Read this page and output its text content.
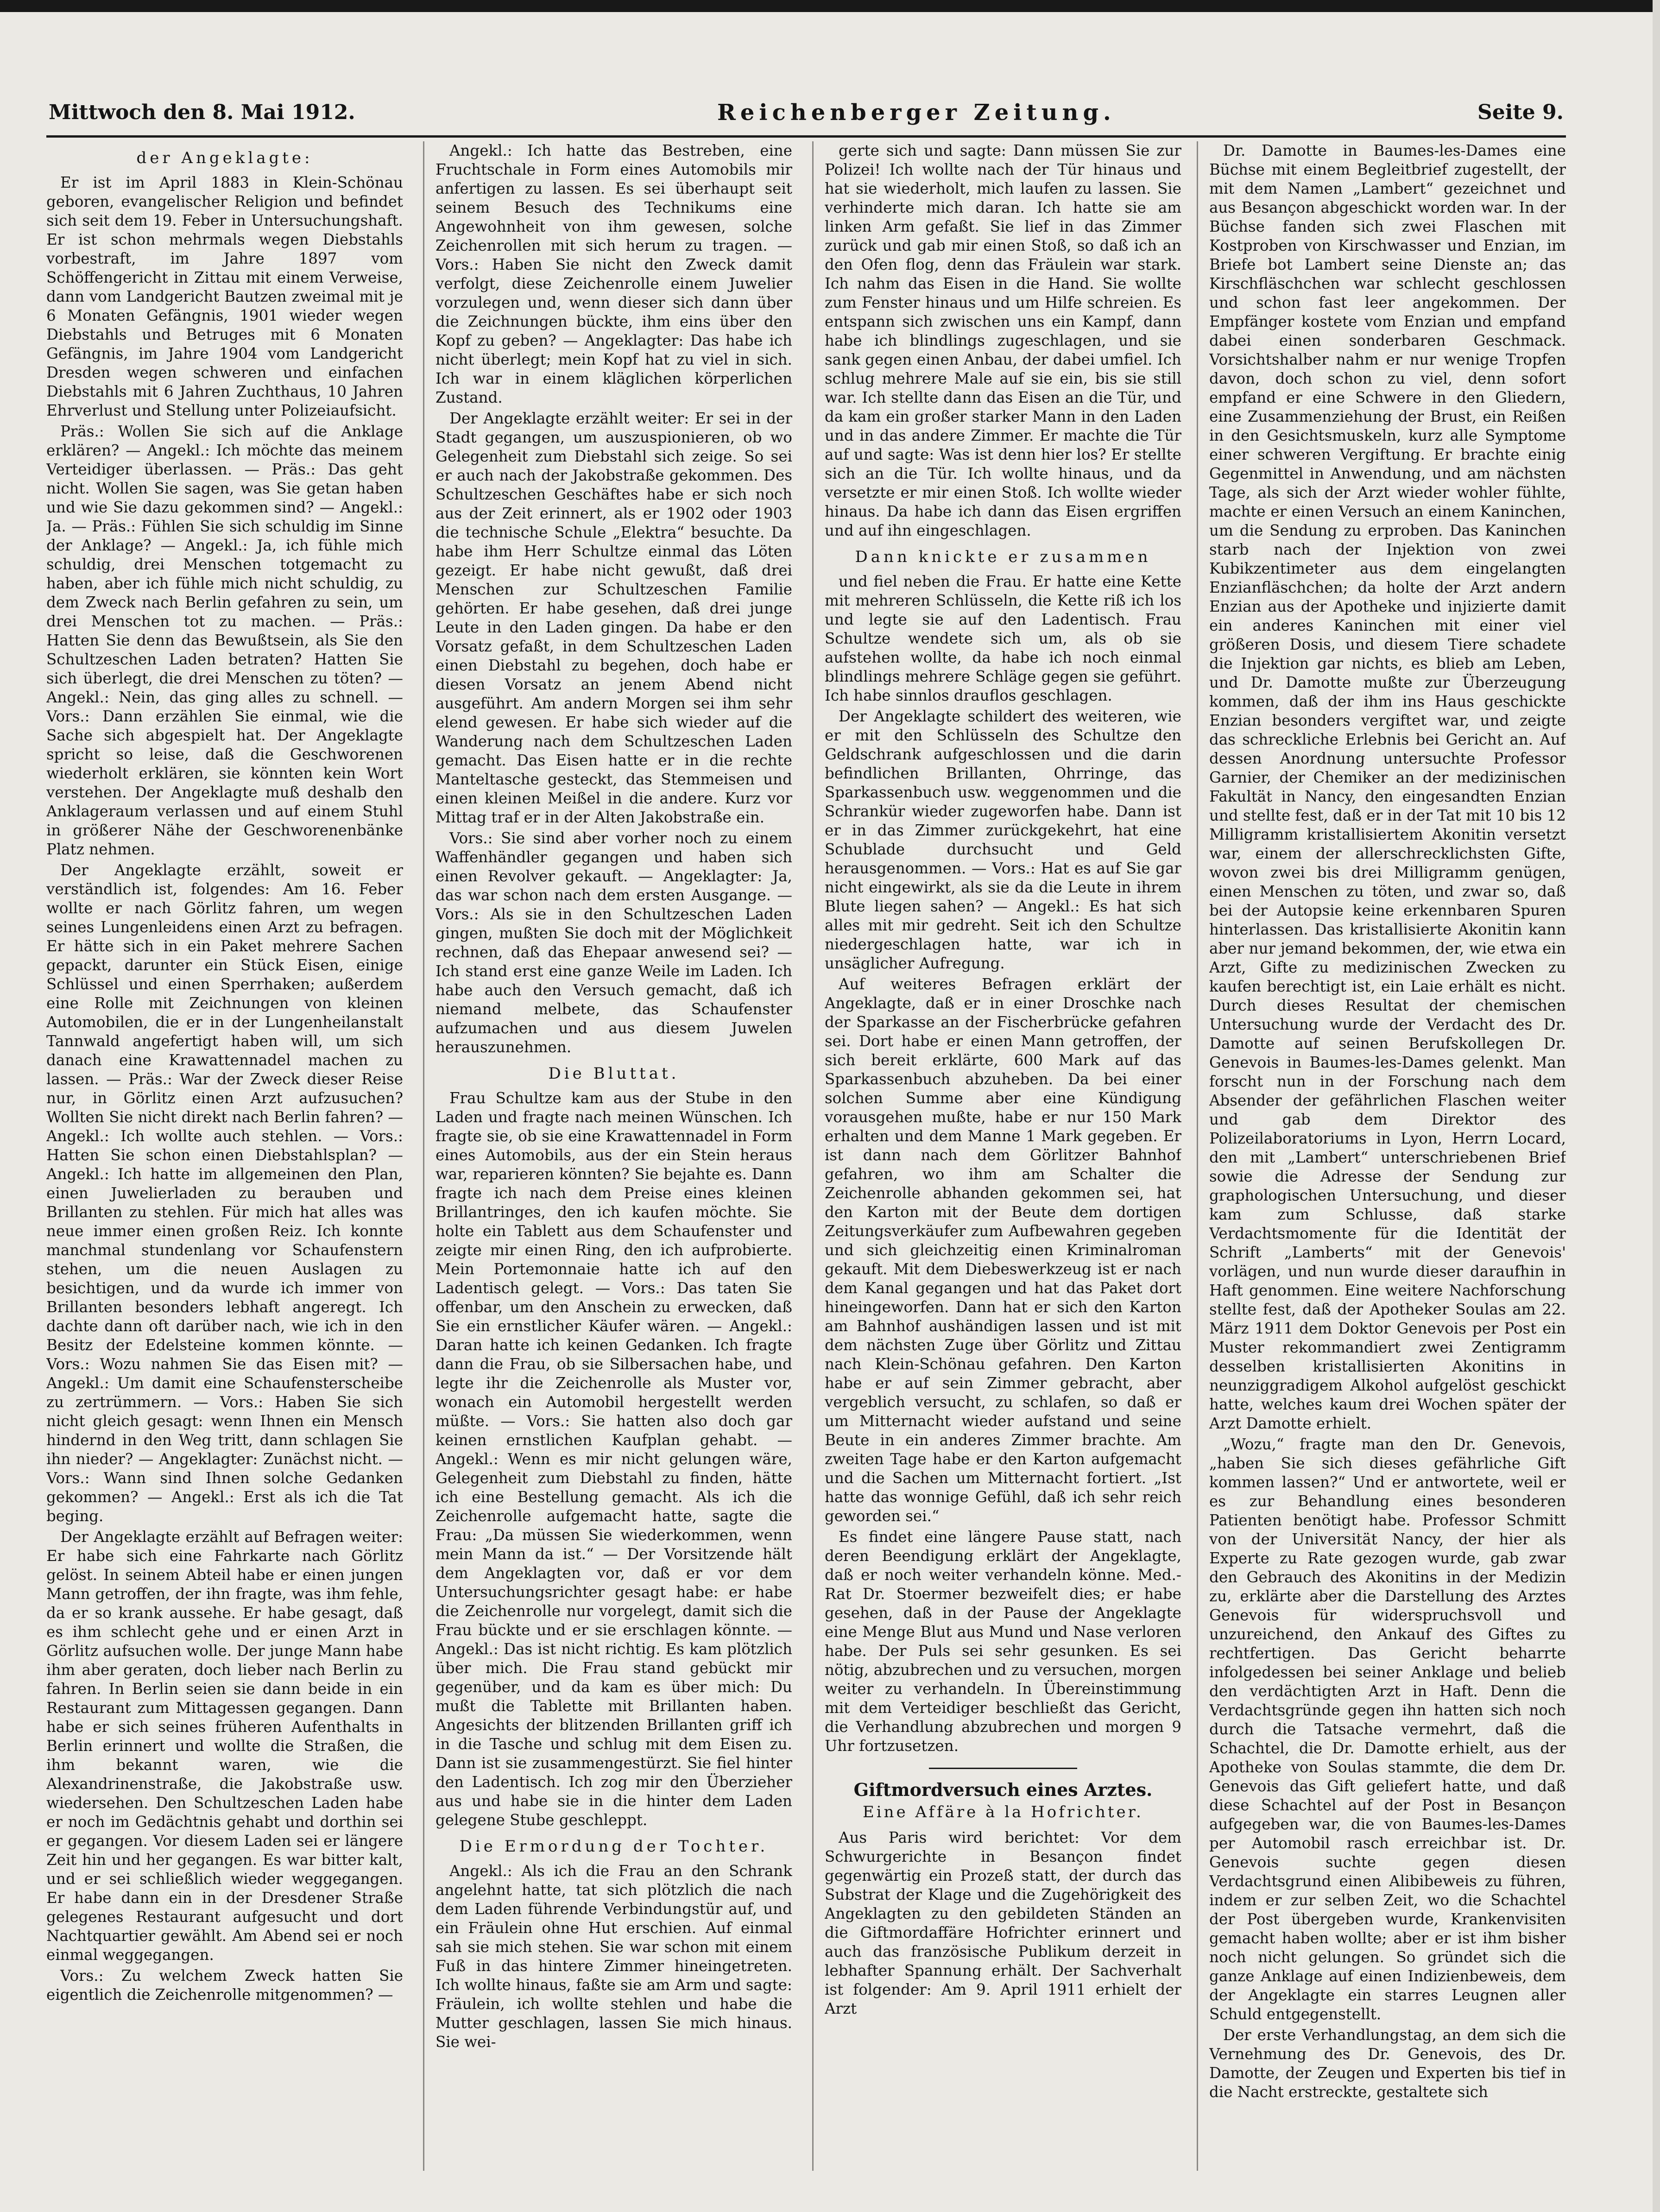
Mittwoch den 8. Mai 1912.	Reichenberger Zeitung.	Seite 9.
der Angeklagte:

Er ist im April 1883 in Klein-Schönau geboren, evangelischer Religion und befindet sich seit dem 19. Feber in Untersuchungshaft. Er ist schon mehrmals wegen Diebstahls vorbestraft, im Jahre 1897 vom Schöffengericht in Zittau mit einem Verweise, dann vom Landgericht Bautzen zweimal mit je 6 Monaten Gefängnis, 1901 wieder wegen Diebstahls und Betruges mit 6 Monaten Gefängnis, im Jahre 1904 vom Landgericht Dresden wegen schweren und einfachen Diebstahls mit 6 Jahren Zuchthaus, 10 Jahren Ehrverlust und Stellung unter Polizeiaufsicht.

Präs.: Wollen Sie sich auf die Anklage erklären? — Angekl.: Ich möchte das meinem Verteidiger überlassen. — Präs.: Das geht nicht. Wollen Sie sagen, was Sie getan haben und wie Sie dazu gekommen sind? — Angekl.: Ja. — Präs.: Fühlen Sie sich schuldig im Sinne der Anklage? — Angekl.: Ja, ich fühle mich schuldig, drei Menschen totgemacht zu haben, aber ich fühle mich nicht schuldig, zu dem Zweck nach Berlin gefahren zu sein, um drei Menschen tot zu machen. — Präs.: Hatten Sie denn das Bewußtsein, als Sie den Schultzeschen Laden betraten? Hatten Sie sich überlegt, die drei Menschen zu töten? — Angekl.: Nein, das ging alles zu schnell. — Vors.: Dann erzählen Sie einmal, wie die Sache sich abgespielt hat. Der Angeklagte spricht so leise, daß die Geschworenen wiederholt erklären, sie könnten kein Wort verstehen. Der Angeklagte muß deshalb den Anklageraum verlassen und auf einem Stuhl in größerer Nähe der Geschworenenbänke Platz nehmen.

Der Angeklagte erzählt, soweit er verständlich ist, folgendes: Am 16. Feber wollte er nach Görlitz fahren, um wegen seines Lungenleidens einen Arzt zu befragen. Er hätte sich in ein Paket mehrere Sachen gepackt, darunter ein Stück Eisen, einige Schlüssel und einen Sperrhaken; außerdem eine Rolle mit Zeichnungen von kleinen Automobilen, die er in der Lungenheilanstalt Tannwald angefertigt haben will, um sich danach eine Krawattennadel machen zu lassen. — Präs.: War der Zweck dieser Reise nur, in Görlitz einen Arzt aufzusuchen? Wollten Sie nicht direkt nach Berlin fahren? — Angekl.: Ich wollte auch stehlen. — Vors.: Hatten Sie schon einen Diebstahlsplan? — Angekl.: Ich hatte im allgemeinen den Plan, einen Juwelierladen zu berauben und Brillanten zu stehlen. Für mich hat alles was neue immer einen großen Reiz. Ich konnte manchmal stundenlang vor Schaufenstern stehen, um die neuen Auslagen zu besichtigen, und da wurde ich immer von Brillanten besonders lebhaft angeregt. Ich dachte dann oft darüber nach, wie ich in den Besitz der Edelsteine kommen könnte. — Vors.: Wozu nahmen Sie das Eisen mit? — Angekl.: Um damit eine Schaufensterscheibe zu zertrümmern. — Vors.: Haben Sie sich nicht gleich gesagt: wenn Ihnen ein Mensch hindernd in den Weg tritt, dann schlagen Sie ihn nieder? — Angeklagter: Zunächst nicht. — Vors.: Wann sind Ihnen solche Gedanken gekommen? — Angekl.: Erst als ich die Tat beging.

Der Angeklagte erzählt auf Befragen weiter: Er habe sich eine Fahrkarte nach Görlitz gelöst. In seinem Abteil habe er einen jungen Mann getroffen, der ihn fragte, was ihm fehle, da er so krank aussehe. Er habe gesagt, daß es ihm schlecht gehe und er einen Arzt in Görlitz aufsuchen wolle. Der junge Mann habe ihm aber geraten, doch lieber nach Berlin zu fahren. In Berlin seien sie dann beide in ein Restaurant zum Mittagessen gegangen. Dann habe er sich seines früheren Aufenthalts in Berlin erinnert und wollte die Straßen, die ihm bekannt waren, wie die Alexandrinenstraße, die Jakobstraße usw. wiedersehen. Den Schultzeschen Laden habe er noch im Gedächtnis gehabt und dorthin sei er gegangen. Vor diesem Laden sei er längere Zeit hin und her gegangen. Es war bitter kalt, und er sei schließlich wieder weggegangen. Er habe dann ein in der Dresdener Straße gelegenes Restaurant aufgesucht und dort Nachtquartier gewählt. Am Abend sei er noch einmal weggegangen.

Vors.: Zu welchem Zweck hatten Sie eigentlich die Zeichenrolle mitgenommen? —

Angekl.: Ich hatte das Bestreben, eine Fruchtschale in Form eines Automobils mir anfertigen zu lassen. Es sei überhaupt seit seinem Besuch des Technikums eine Angewohnheit von ihm gewesen, solche Zeichenrollen mit sich herum zu tragen. — Vors.: Haben Sie nicht den Zweck damit verfolgt, diese Zeichenrolle einem Juwelier vorzulegen und, wenn dieser sich dann über die Zeichnungen bückte, ihm eins über den Kopf zu geben? — Angeklagter: Das habe ich nicht überlegt; mein Kopf hat zu viel in sich. Ich war in einem kläglichen körperlichen Zustand.

Der Angeklagte erzählt weiter: Er sei in der Stadt gegangen, um auszuspionieren, ob wo Gelegenheit zum Diebstahl sich zeige. So sei er auch nach der Jakobstraße gekommen. Des Schultzeschen Geschäftes habe er sich noch aus der Zeit erinnert, als er 1902 oder 1903 die technische Schule „Elektra“ besuchte. Da habe ihm Herr Schultze einmal das Löten gezeigt. Er habe nicht gewußt, daß drei Menschen zur Schultzeschen Familie gehörten. Er habe gesehen, daß drei junge Leute in den Laden gingen. Da habe er den Vorsatz gefaßt, in dem Schultzeschen Laden einen Diebstahl zu begehen, doch habe er diesen Vorsatz an jenem Abend nicht ausgeführt. Am andern Morgen sei ihm sehr elend gewesen. Er habe sich wieder auf die Wanderung nach dem Schultzeschen Laden gemacht. Das Eisen hatte er in die rechte Manteltasche gesteckt, das Stemmeisen und einen kleinen Meißel in die andere. Kurz vor Mittag traf er in der Alten Jakobstraße ein.

Vors.: Sie sind aber vorher noch zu einem Waffenhändler gegangen und haben sich einen Revolver gekauft. — Angeklagter: Ja, das war schon nach dem ersten Ausgange. — Vors.: Als sie in den Schultzeschen Laden gingen, mußten Sie doch mit der Möglichkeit rechnen, daß das Ehepaar anwesend sei? — Ich stand erst eine ganze Weile im Laden. Ich habe auch den Versuch gemacht, daß ich niemand melbete, das Schaufenster aufzumachen und aus diesem Juwelen herauszunehmen.

Die Bluttat.

Frau Schultze kam aus der Stube in den Laden und fragte nach meinen Wünschen. Ich fragte sie, ob sie eine Krawattennadel in Form eines Automobils, aus der ein Stein heraus war, reparieren könnten? Sie bejahte es. Dann fragte ich nach dem Preise eines kleinen Brillantringes, den ich kaufen möchte. Sie holte ein Tablett aus dem Schaufenster und zeigte mir einen Ring, den ich aufprobierte. Mein Portemonnaie hatte ich auf den Ladentisch gelegt. — Vors.: Das taten Sie offenbar, um den Anschein zu erwecken, daß Sie ein ernstlicher Käufer wären. — Angekl.: Daran hatte ich keinen Gedanken. Ich fragte dann die Frau, ob sie Silbersachen habe, und legte ihr die Zeichenrolle als Muster vor, wonach ein Automobil hergestellt werden müßte. — Vors.: Sie hatten also doch gar keinen ernstlichen Kaufplan gehabt. — Angekl.: Wenn es mir nicht gelungen wäre, Gelegenheit zum Diebstahl zu finden, hätte ich eine Bestellung gemacht. Als ich die Zeichenrolle aufgemacht hatte, sagte die Frau: „Da müssen Sie wiederkommen, wenn mein Mann da ist.“ — Der Vorsitzende hält dem Angeklagten vor, daß er vor dem Untersuchungsrichter gesagt habe: er habe die Zeichenrolle nur vorgelegt, damit sich die Frau bückte und er sie erschlagen könnte. — Angekl.: Das ist nicht richtig. Es kam plötzlich über mich. Die Frau stand gebückt mir gegenüber, und da kam es über mich: Du mußt die Tablette mit Brillanten haben. Angesichts der blitzenden Brillanten griff ich in die Tasche und schlug mit dem Eisen zu. Dann ist sie zusammengestürzt. Sie fiel hinter den Ladentisch. Ich zog mir den Überzieher aus und habe sie in die hinter dem Laden gelegene Stube geschleppt.

Die Ermordung der Tochter.

Angekl.: Als ich die Frau an den Schrank angelehnt hatte, tat sich plötzlich die nach dem Laden führende Verbindungstür auf, und ein Fräulein ohne Hut erschien. Auf einmal sah sie mich stehen. Sie war schon mit einem Fuß in das hintere Zimmer hineingetreten. Ich wollte hinaus, faßte sie am Arm und sagte: Fräulein, ich wollte stehlen und habe die Mutter geschlagen, lassen Sie mich hinaus. Sie wei-

gerte sich und sagte: Dann müssen Sie zur Polizei! Ich wollte nach der Tür hinaus und hat sie wiederholt, mich laufen zu lassen. Sie verhinderte mich daran. Ich hatte sie am linken Arm gefaßt. Sie lief in das Zimmer zurück und gab mir einen Stoß, so daß ich an den Ofen flog, denn das Fräulein war stark. Ich nahm das Eisen in die Hand. Sie wollte zum Fenster hinaus und um Hilfe schreien. Es entspann sich zwischen uns ein Kampf, dann habe ich blindlings zugeschlagen, und sie sank gegen einen Anbau, der dabei umfiel. Ich schlug mehrere Male auf sie ein, bis sie still war. Ich stellte dann das Eisen an die Tür, und da kam ein großer starker Mann in den Laden und in das andere Zimmer. Er machte die Tür auf und sagte: Was ist denn hier los? Er stellte sich an die Tür. Ich wollte hinaus, und da versetzte er mir einen Stoß. Ich wollte wieder hinaus. Da habe ich dann das Eisen ergriffen und auf ihn eingeschlagen.

Dann knickte er zusammen

und fiel neben die Frau. Er hatte eine Kette mit mehreren Schlüsseln, die Kette riß ich los und legte sie auf den Ladentisch. Frau Schultze wendete sich um, als ob sie aufstehen wollte, da habe ich noch einmal blindlings mehrere Schläge gegen sie geführt. Ich habe sinnlos drauflos geschlagen.

Der Angeklagte schildert des weiteren, wie er mit den Schlüsseln des Schultze den Geldschrank aufgeschlossen und die darin befindlichen Brillanten, Ohrringe, das Sparkassenbuch usw. weggenommen und die Schrankür wieder zugeworfen habe. Dann ist er in das Zimmer zurückgekehrt, hat eine Schublade durchsucht und Geld herausgenommen. — Vors.: Hat es auf Sie gar nicht eingewirkt, als sie da die Leute in ihrem Blute liegen sahen? — Angekl.: Es hat sich alles mit mir gedreht. Seit ich den Schultze niedergeschlagen hatte, war ich in unsäglicher Aufregung.

Auf weiteres Befragen erklärt der Angeklagte, daß er in einer Droschke nach der Sparkasse an der Fischerbrücke gefahren sei. Dort habe er einen Mann getroffen, der sich bereit erklärte, 600 Mark auf das Sparkassenbuch abzuheben. Da bei einer solchen Summe aber eine Kündigung vorausgehen mußte, habe er nur 150 Mark erhalten und dem Manne 1 Mark gegeben. Er ist dann nach dem Görlitzer Bahnhof gefahren, wo ihm am Schalter die Zeichenrolle abhanden gekommen sei, hat den Karton mit der Beute dem dortigen Zeitungsverkäufer zum Aufbewahren gegeben und sich gleichzeitig einen Kriminalroman gekauft. Mit dem Diebeswerkzeug ist er nach dem Kanal gegangen und hat das Paket dort hineingeworfen. Dann hat er sich den Karton am Bahnhof aushändigen lassen und ist mit dem nächsten Zuge über Görlitz und Zittau nach Klein-Schönau gefahren. Den Karton habe er auf sein Zimmer gebracht, aber vergeblich versucht, zu schlafen, so daß er um Mitternacht wieder aufstand und seine Beute in ein anderes Zimmer brachte. Am zweiten Tage habe er den Karton aufgemacht und die Sachen um Mitternacht fortiert. „Ist hatte das wonnige Gefühl, daß ich sehr reich geworden sei.“

Es findet eine längere Pause statt, nach deren Beendigung erklärt der Angeklagte, daß er noch weiter verhandeln könne. Med.-Rat Dr. Stoermer bezweifelt dies; er habe gesehen, daß in der Pause der Angeklagte eine Menge Blut aus Mund und Nase verloren habe. Der Puls sei sehr gesunken. Es sei nötig, abzubrechen und zu versuchen, morgen weiter zu verhandeln. In Übereinstimmung mit dem Verteidiger beschließt das Gericht, die Verhandlung abzubrechen und morgen 9 Uhr fortzusetzen.

Giftmordversuch eines Arztes.
Eine Affäre à la Hofrichter.

Aus Paris wird berichtet: Vor dem Schwurgerichte in Besançon findet gegenwärtig ein Prozeß statt, der durch das Substrat der Klage und die Zugehörigkeit des Angeklagten zu den gebildeten Ständen an die Giftmordaffäre Hofrichter erinnert und auch das französische Publikum derzeit in lebhafter Spannung erhält. Der Sachverhalt ist folgender: Am 9. April 1911 erhielt der Arzt

Dr. Damotte in Baumes-les-Dames eine Büchse mit einem Begleitbrief zugestellt, der mit dem Namen „Lambert“ gezeichnet und aus Besançon abgeschickt worden war. In der Büchse fanden sich zwei Flaschen mit Kostproben von Kirschwasser und Enzian, im Briefe bot Lambert seine Dienste an; das Kirschfläschchen war schlecht geschlossen und schon fast leer angekommen. Der Empfänger kostete vom Enzian und empfand dabei einen sonderbaren Geschmack. Vorsichtshalber nahm er nur wenige Tropfen davon, doch schon zu viel, denn sofort empfand er eine Schwere in den Gliedern, eine Zusammenziehung der Brust, ein Reißen in den Gesichtsmuskeln, kurz alle Symptome einer schweren Vergiftung. Er brachte einig Gegenmittel in Anwendung, und am nächsten Tage, als sich der Arzt wieder wohler fühlte, machte er einen Versuch an einem Kaninchen, um die Sendung zu erproben. Das Kaninchen starb nach der Injektion von zwei Kubikzentimeter aus dem eingelangten Enzianfläschchen; da holte der Arzt andern Enzian aus der Apotheke und injizierte damit ein anderes Kaninchen mit einer viel größeren Dosis, und diesem Tiere schadete die Injektion gar nichts, es blieb am Leben, und Dr. Damotte mußte zur Überzeugung kommen, daß der ihm ins Haus geschickte Enzian besonders vergiftet war, und zeigte das schreckliche Erlebnis bei Gericht an. Auf dessen Anordnung untersuchte Professor Garnier, der Chemiker an der medizinischen Fakultät in Nancy, den eingesandten Enzian und stellte fest, daß er in der Tat mit 10 bis 12 Milligramm kristallisiertem Akonitin versetzt war, einem der allerschrecklichsten Gifte, wovon zwei bis drei Milligramm genügen, einen Menschen zu töten, und zwar so, daß bei der Autopsie keine erkennbaren Spuren hinterlassen. Das kristallisierte Akonitin kann aber nur jemand bekommen, der, wie etwa ein Arzt, Gifte zu medizinischen Zwecken zu kaufen berechtigt ist, ein Laie erhält es nicht. Durch dieses Resultat der chemischen Untersuchung wurde der Verdacht des Dr. Damotte auf seinen Berufskollegen Dr. Genevois in Baumes-les-Dames gelenkt. Man forscht nun in der Forschung nach dem Absender der gefährlichen Flaschen weiter und gab dem Direktor des Polizeilaboratoriums in Lyon, Herrn Locard, den mit „Lambert“ unterschriebenen Brief sowie die Adresse der Sendung zur graphologischen Untersuchung, und dieser kam zum Schlusse, daß starke Verdachtsmomente für die Identität der Schrift „Lamberts“ mit der Genevois' vorlägen, und nun wurde dieser daraufhin in Haft genommen. Eine weitere Nachforschung stellte fest, daß der Apotheker Soulas am 22. März 1911 dem Doktor Genevois per Post ein Muster rekommandiert zwei Zentigramm desselben kristallisierten Akonitins in neunziggradigem Alkohol aufgelöst geschickt hatte, welches kaum drei Wochen später der Arzt Damotte erhielt.

„Wozu,“ fragte man den Dr. Genevois, „haben Sie sich dieses gefährliche Gift kommen lassen?“ Und er antwortete, weil er es zur Behandlung eines besonderen Patienten benötigt habe. Professor Schmitt von der Universität Nancy, der hier als Experte zu Rate gezogen wurde, gab zwar den Gebrauch des Akonitins in der Medizin zu, erklärte aber die Darstellung des Arztes Genevois für widerspruchsvoll und unzureichend, den Ankauf des Giftes zu rechtfertigen. Das Gericht beharrte infolgedessen bei seiner Anklage und belieb den verdächtigten Arzt in Haft. Denn die Verdachtsgründe gegen ihn hatten sich noch durch die Tatsache vermehrt, daß die Schachtel, die Dr. Damotte erhielt, aus der Apotheke von Soulas stammte, die dem Dr. Genevois das Gift geliefert hatte, und daß diese Schachtel auf der Post in Besançon aufgegeben war, die von Baumes-les-Dames per Automobil rasch erreichbar ist. Dr. Genevois suchte gegen diesen Verdachtsgrund einen Alibibeweis zu führen, indem er zur selben Zeit, wo die Schachtel der Post übergeben wurde, Krankenvisiten gemacht haben wollte; aber er ist ihm bisher noch nicht gelungen. So gründet sich die ganze Anklage auf einen Indizienbeweis, dem der Angeklagte ein starres Leugnen aller Schuld entgegenstellt.

Der erste Verhandlungstag, an dem sich die Vernehmung des Dr. Genevois, des Dr. Damotte, der Zeugen und Experten bis tief in die Nacht erstreckte, gestaltete sich
